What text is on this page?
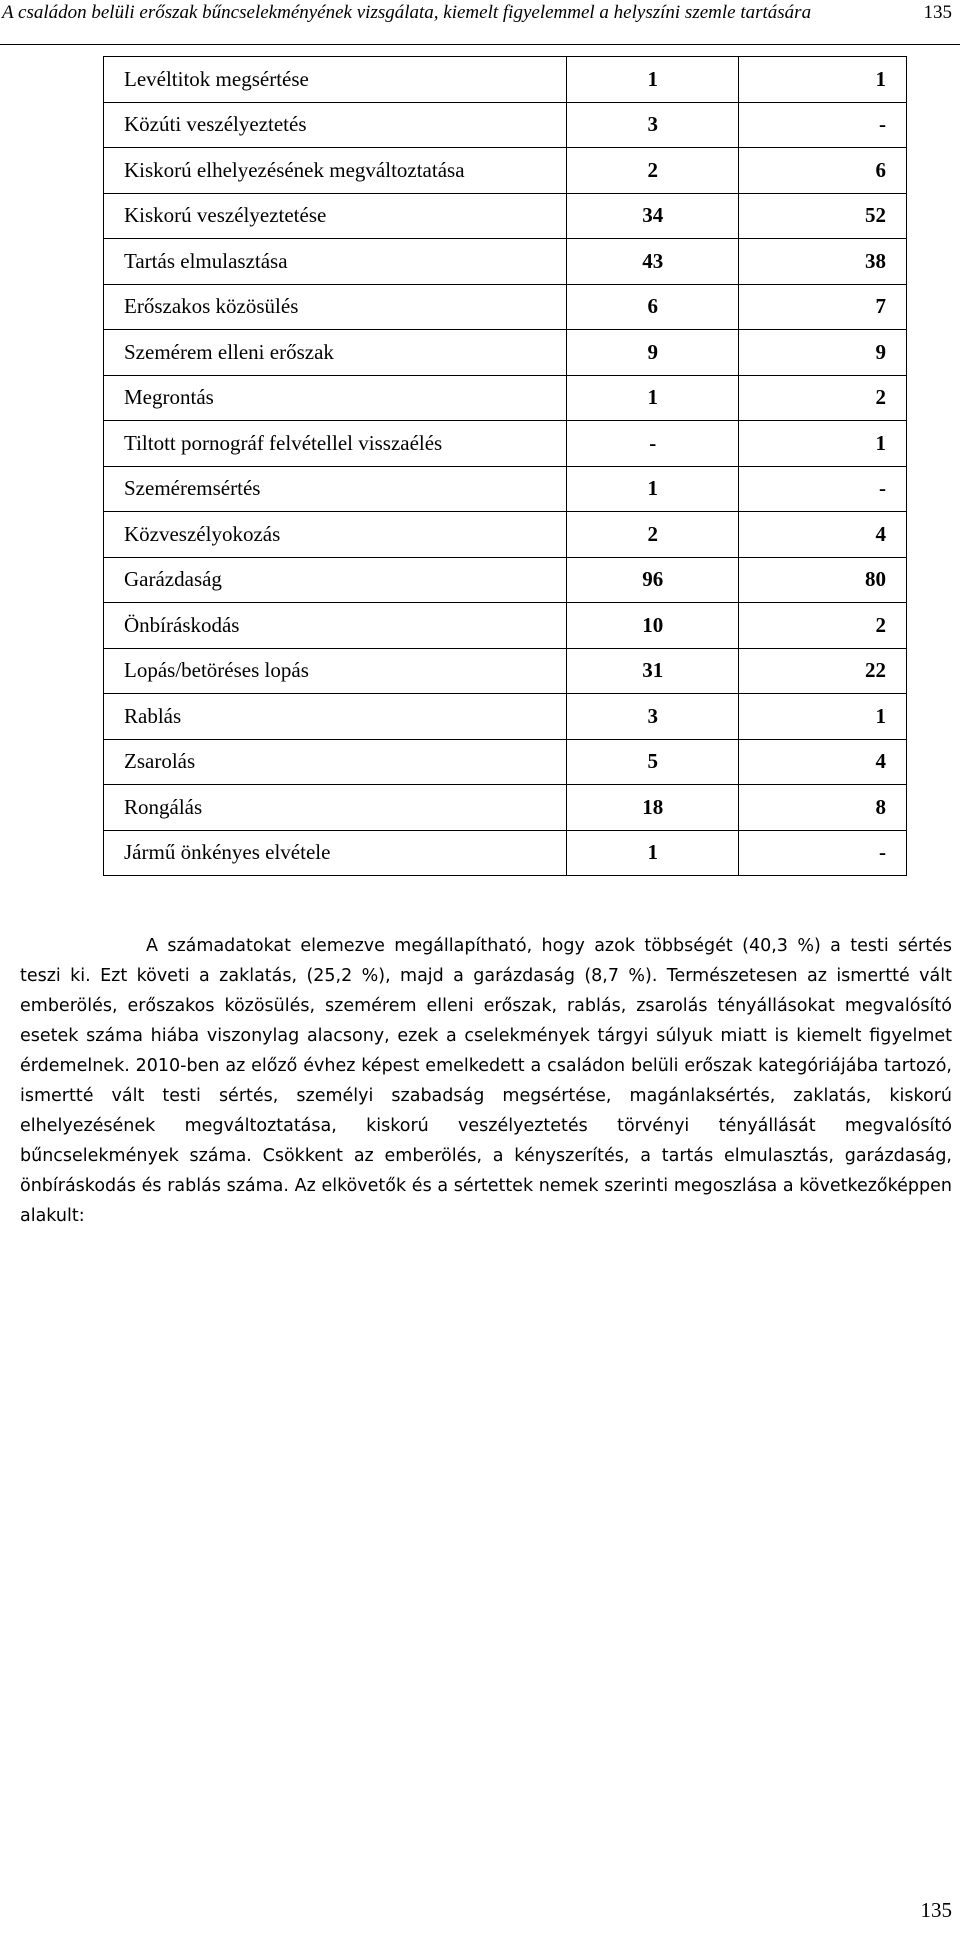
A családon belüli erőszak bűncselekményének vizsgálata, kiemelt figyelemmel a helyszíni szemle tartására	135
Levéltitok megsértése	1	1
Közúti veszélyeztetés	3	-
Kiskorú elhelyezésének megváltoztatása	2	6
Kiskorú veszélyeztetése	34	52
Tartás elmulasztása	43	38
Erőszakos közösülés	6	7
Szemérem elleni erőszak	9	9
Megrontás	1	2
Tiltott pornográf felvétellel visszaélés	-	1
Szeméremsértés	1	-
Közveszélyokozás	2	4
Garázdaság	96	80
Önbíráskodás	10	2
Lopás/betöréses lopás	31	22
Rablás	3	1
Zsarolás	5	4
Rongálás	18	8
Jármű önkényes elvétele	1	-

A számadatokat elemezve megállapítható, hogy azok többségét (40,3 %) a testi sértés teszi ki. Ezt követi a zaklatás, (25,2 %), majd a garázdaság (8,7 %). Természetesen az ismertté vált emberölés, erőszakos közösülés, szemérem elleni erőszak, rablás, zsarolás tényállásokat megvalósító esetek száma hiába viszonylag alacsony, ezek a cselekmények tárgyi súlyuk miatt is kiemelt figyelmet érdemelnek. 2010-ben az előző évhez képest emelkedett a családon belüli erőszak kategóriájába tartozó, ismertté vált testi sértés, személyi szabadság megsértése, magánlaksértés, zaklatás, kiskorú elhelyezésének megváltoztatása, kiskorú veszélyeztetés törvényi tényállását megvalósító bűncselekmények száma. Csökkent az emberölés, a kényszerítés, a tartás elmulasztás, garázdaság, önbíráskodás és rablás száma. Az elkövetők és a sértettek nemek szerinti megoszlása a következőképpen alakult:

135
